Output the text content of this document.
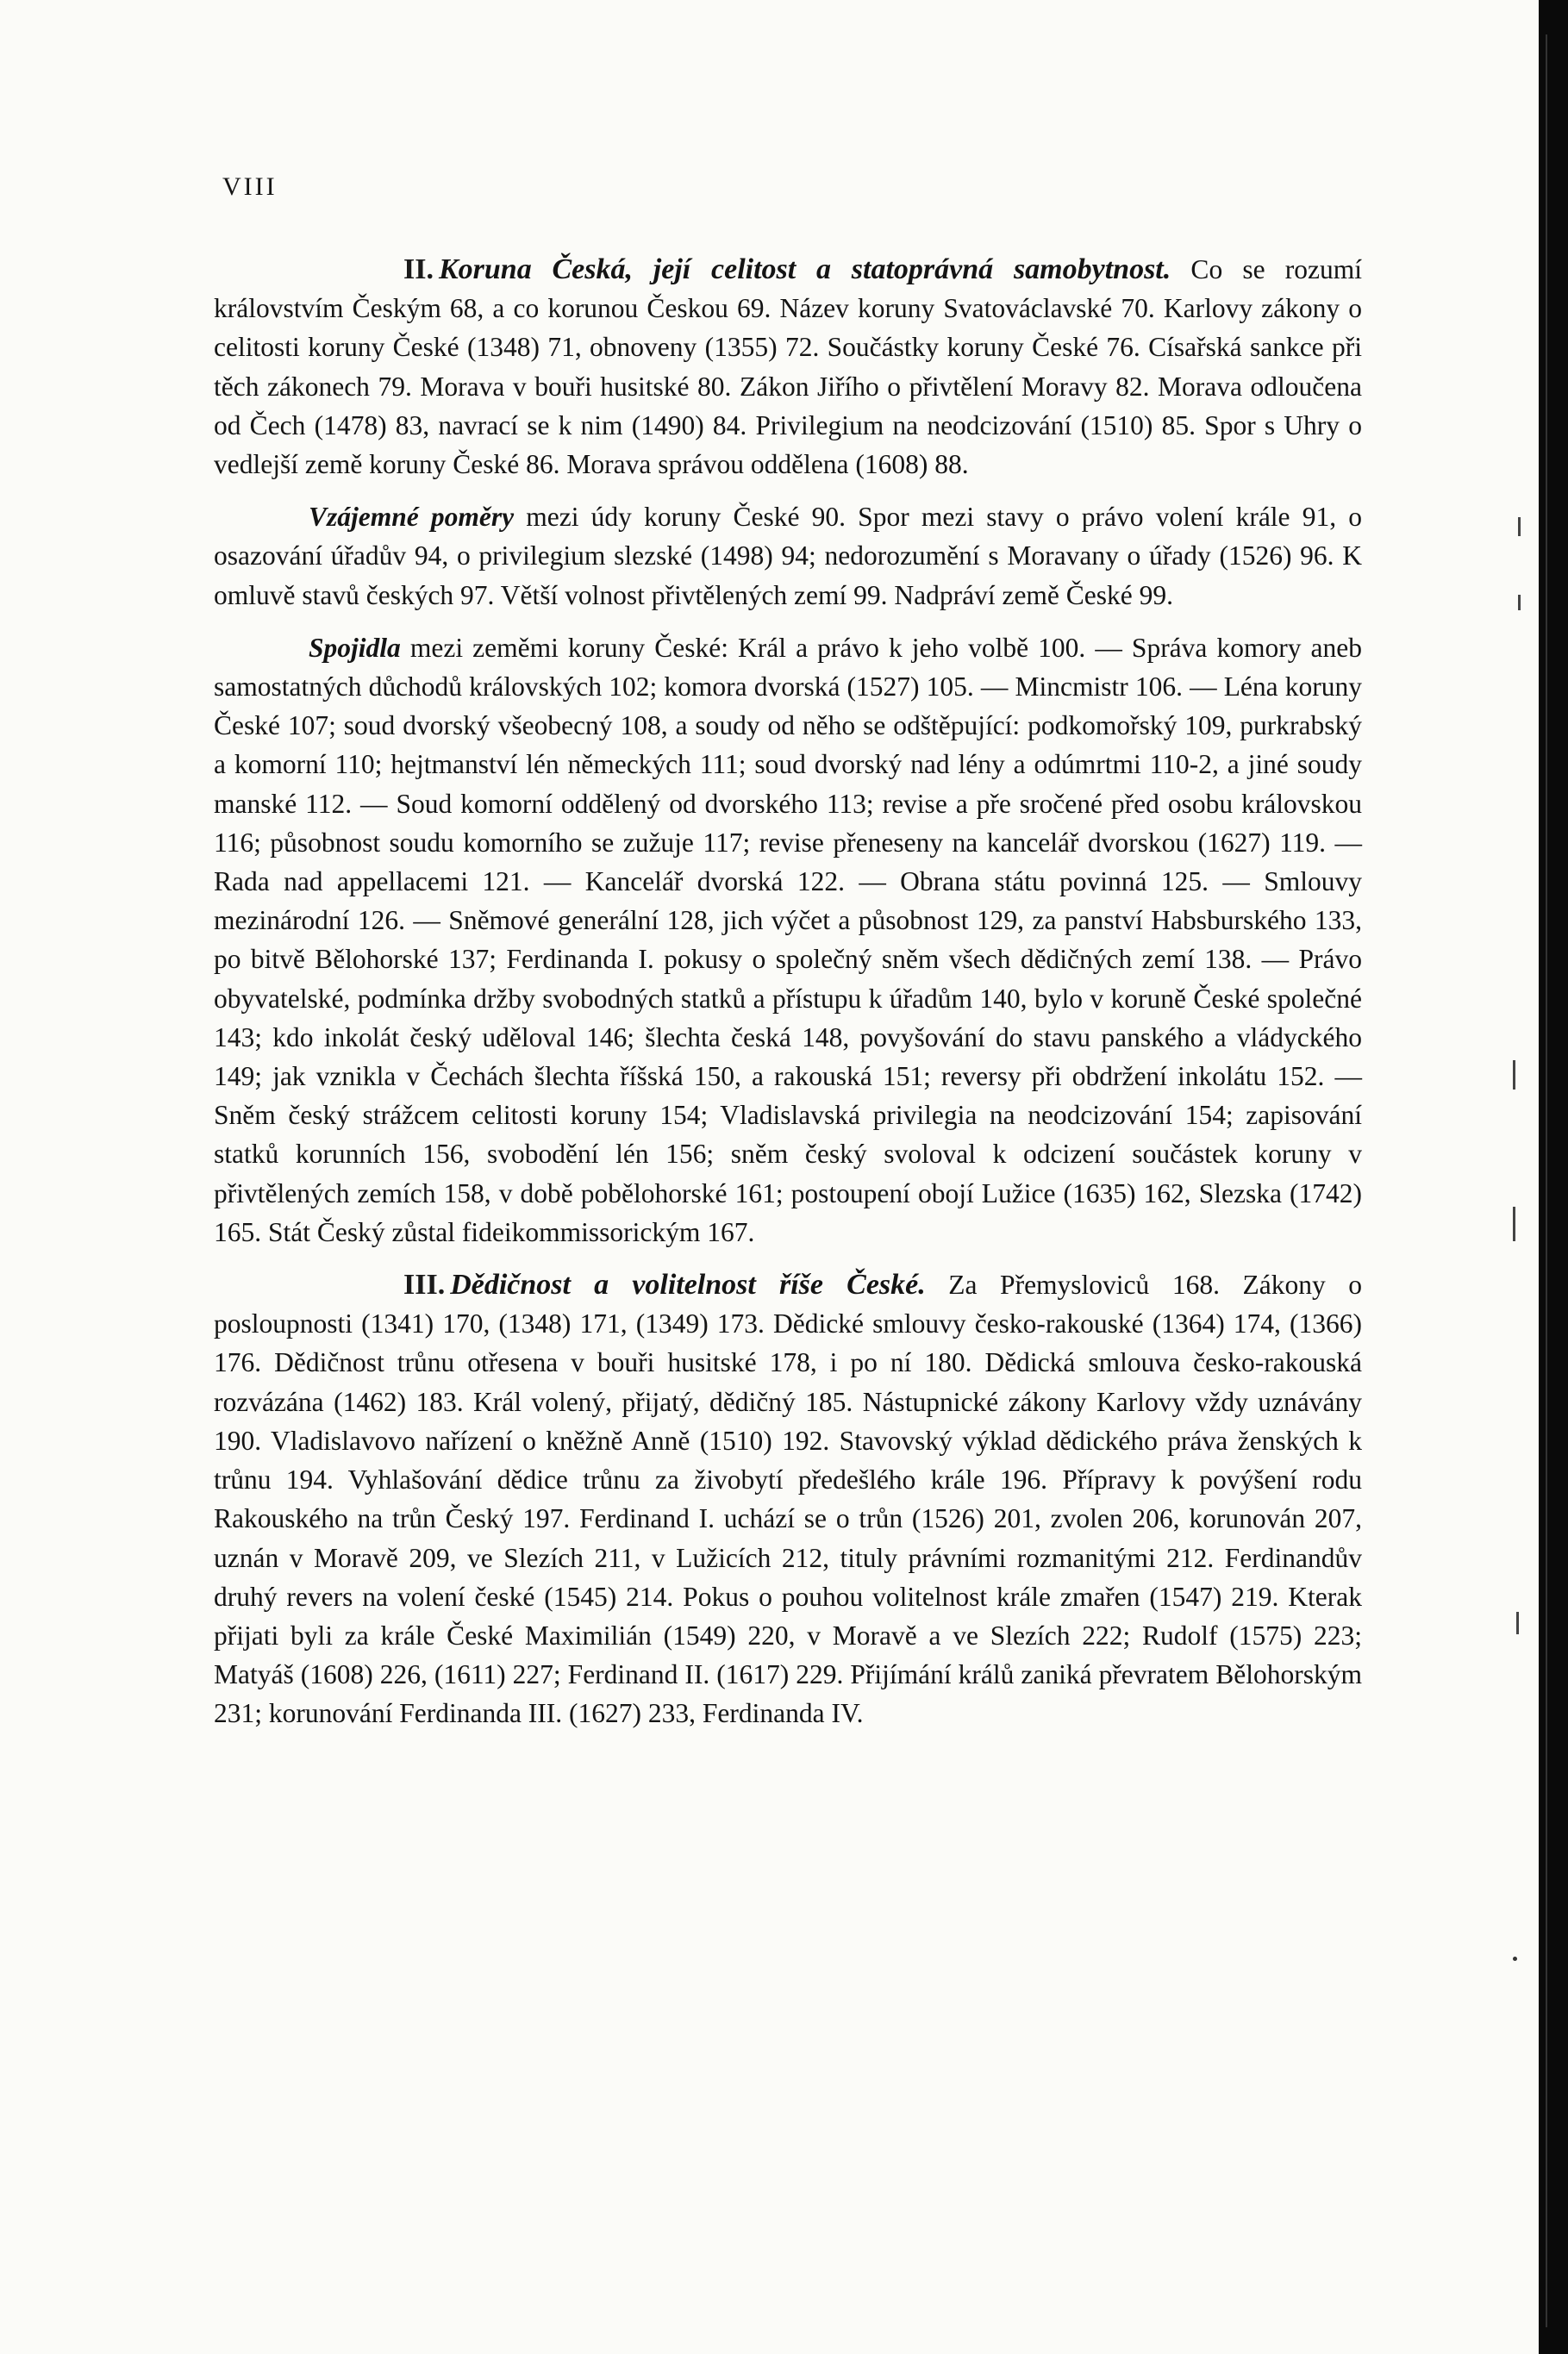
VIII

II. Koruna Česká, její celitost a statoprávná samobytnost. Co se rozumí královstvím Českým 68, a co korunou Českou 69. Název koruny Svatováclavské 70. Karlovy zákony o celitosti koruny České (1348) 71, obnoveny (1355) 72. Součástky koruny České 76. Císařská sankce při těch zákonech 79. Morava v bouři husitské 80. Zákon Jiřího o přivtělení Moravy 82. Morava odloučena od Čech (1478) 83, navrací se k nim (1490) 84. Privilegium na neodcizování (1510) 85. Spor s Uhry o vedlejší země koruny České 86. Morava správou oddělena (1608) 88.

Vzájemné poměry mezi údy koruny České 90. Spor mezi stavy o právo volení krále 91, o osazování úřadův 94, o privilegium slezské (1498) 94; nedorozumění s Moravany o úřady (1526) 96. K omluvě stavů českých 97. Větší volnost přivtělených zemí 99. Nadpráví země České 99.

Spojidla mezi zeměmi koruny České: Král a právo k jeho volbě 100. — Správa komory aneb samostatných důchodů královských 102; komora dvorská (1527) 105. — Mincmistr 106. — Léna koruny České 107; soud dvorský všeobecný 108, a soudy od něho se odštěpující: podkomořský 109, purkrabský a komorní 110; hejtmanství lén německých 111; soud dvorský nad lény a odúmrtmi 110-2, a jiné soudy manské 112. — Soud komorní oddělený od dvorského 113; revise a pře sročené před osobu královskou 116; působnost soudu komorního se zužuje 117; revise přeneseny na kancelář dvorskou (1627) 119. — Rada nad appellacemi 121. — Kancelář dvorská 122. — Obrana státu povinná 125. — Smlouvy mezinárodní 126. — Sněmové generální 128, jich výčet a působnost 129, za panství Habsburského 133, po bitvě Bělohorské 137; Ferdinanda I. pokusy o společný sněm všech dědičných zemí 138. — Právo obyvatelské, podmínka držby svobodných statků a přístupu k úřadům 140, bylo v koruně České společné 143; kdo inkolát český uděloval 146; šlechta česká 148, povyšování do stavu panského a vládyckého 149; jak vznikla v Čechách šlechta říšská 150, a rakouská 151; reversy při obdržení inkolátu 152. — Sněm český strážcem celitosti koruny 154; Vladislavská privilegia na neodcizování 154; zapisování statků korunních 156, svobodění lén 156; sněm český svoloval k odcizení součástek koruny v přivtělených zemích 158, v době pobělohorské 161; postoupení obojí Lužice (1635) 162, Slezska (1742) 165. Stát Český zůstal fideikommissorickým 167.

III. Dědičnost a volitelnost říše České. Za Přemysloviců 168. Zákony o posloupnosti (1341) 170, (1348) 171, (1349) 173. Dědické smlouvy česko-rakouské (1364) 174, (1366) 176. Dědičnost trůnu otřesena v bouři husitské 178, i po ní 180. Dědická smlouva česko-rakouská rozvázána (1462) 183. Král volený, přijatý, dědičný 185. Nástupnické zákony Karlovy vždy uznávány 190. Vladislavovo nařízení o kněžně Anně (1510) 192. Stavovský výklad dědického práva ženských k trůnu 194. Vyhlašování dědice trůnu za živobytí předešlého krále 196. Přípravy k povýšení rodu Rakouského na trůn Český 197. Ferdinand I. uchází se o trůn (1526) 201, zvolen 206, korunován 207, uznán v Moravě 209, ve Slezích 211, v Lužicích 212, tituly právními rozmanitými 212. Ferdinandův druhý revers na volení české (1545) 214. Pokus o pouhou volitelnost krále zmařen (1547) 219. Kterak přijati byli za krále České Maximilián (1549) 220, v Moravě a ve Slezích 222; Rudolf (1575) 223; Matyáš (1608) 226, (1611) 227; Ferdinand II. (1617) 229. Přijímání králů zaniká převratem Bělohorským 231; korunování Ferdinanda III. (1627) 233, Ferdinanda IV.
